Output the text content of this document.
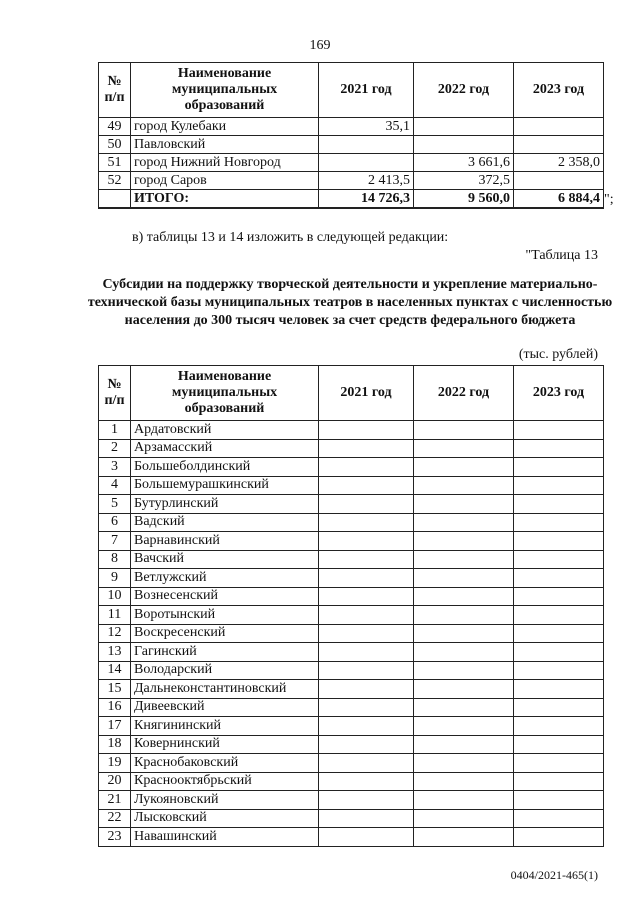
169
№ п/п	Наименование муниципальных образований	2021 год	2022 год	2023 год
49	город Кулебаки	35,1		
50	Павловский			
51	город Нижний Новгород		3 661,6	2 358,0
52	город Саров	2 413,5	372,5	
	ИТОГО:	14 726,3	9 560,0	6 884,4 ";
в) таблицы 13 и 14 изложить в следующей редакции:
"Таблица 13
Субсидии на поддержку творческой деятельности и укрепление материально-технической базы муниципальных театров в населенных пунктах с численностью населения до 300 тысяч человек за счет средств федерального бюджета
(тыс. рублей)
№ п/п	Наименование муниципальных образований	2021 год	2022 год	2023 год
1	Ардатовский			
2	Арзамасский			
3	Большеболдинский			
4	Большемурашкинский			
5	Бутурлинский			
6	Вадский			
7	Варнавинский			
8	Вачский			
9	Ветлужский			
10	Вознесенский			
11	Воротынский			
12	Воскресенский			
13	Гагинский			
14	Володарский			
15	Дальнеконстантиновский			
16	Дивеевский			
17	Княгининский			
18	Ковернинский			
19	Краснобаковский			
20	Краснооктябрьский			
21	Лукояновский			
22	Лысковский			
23	Навашинский			
0404/2021-465(1)
